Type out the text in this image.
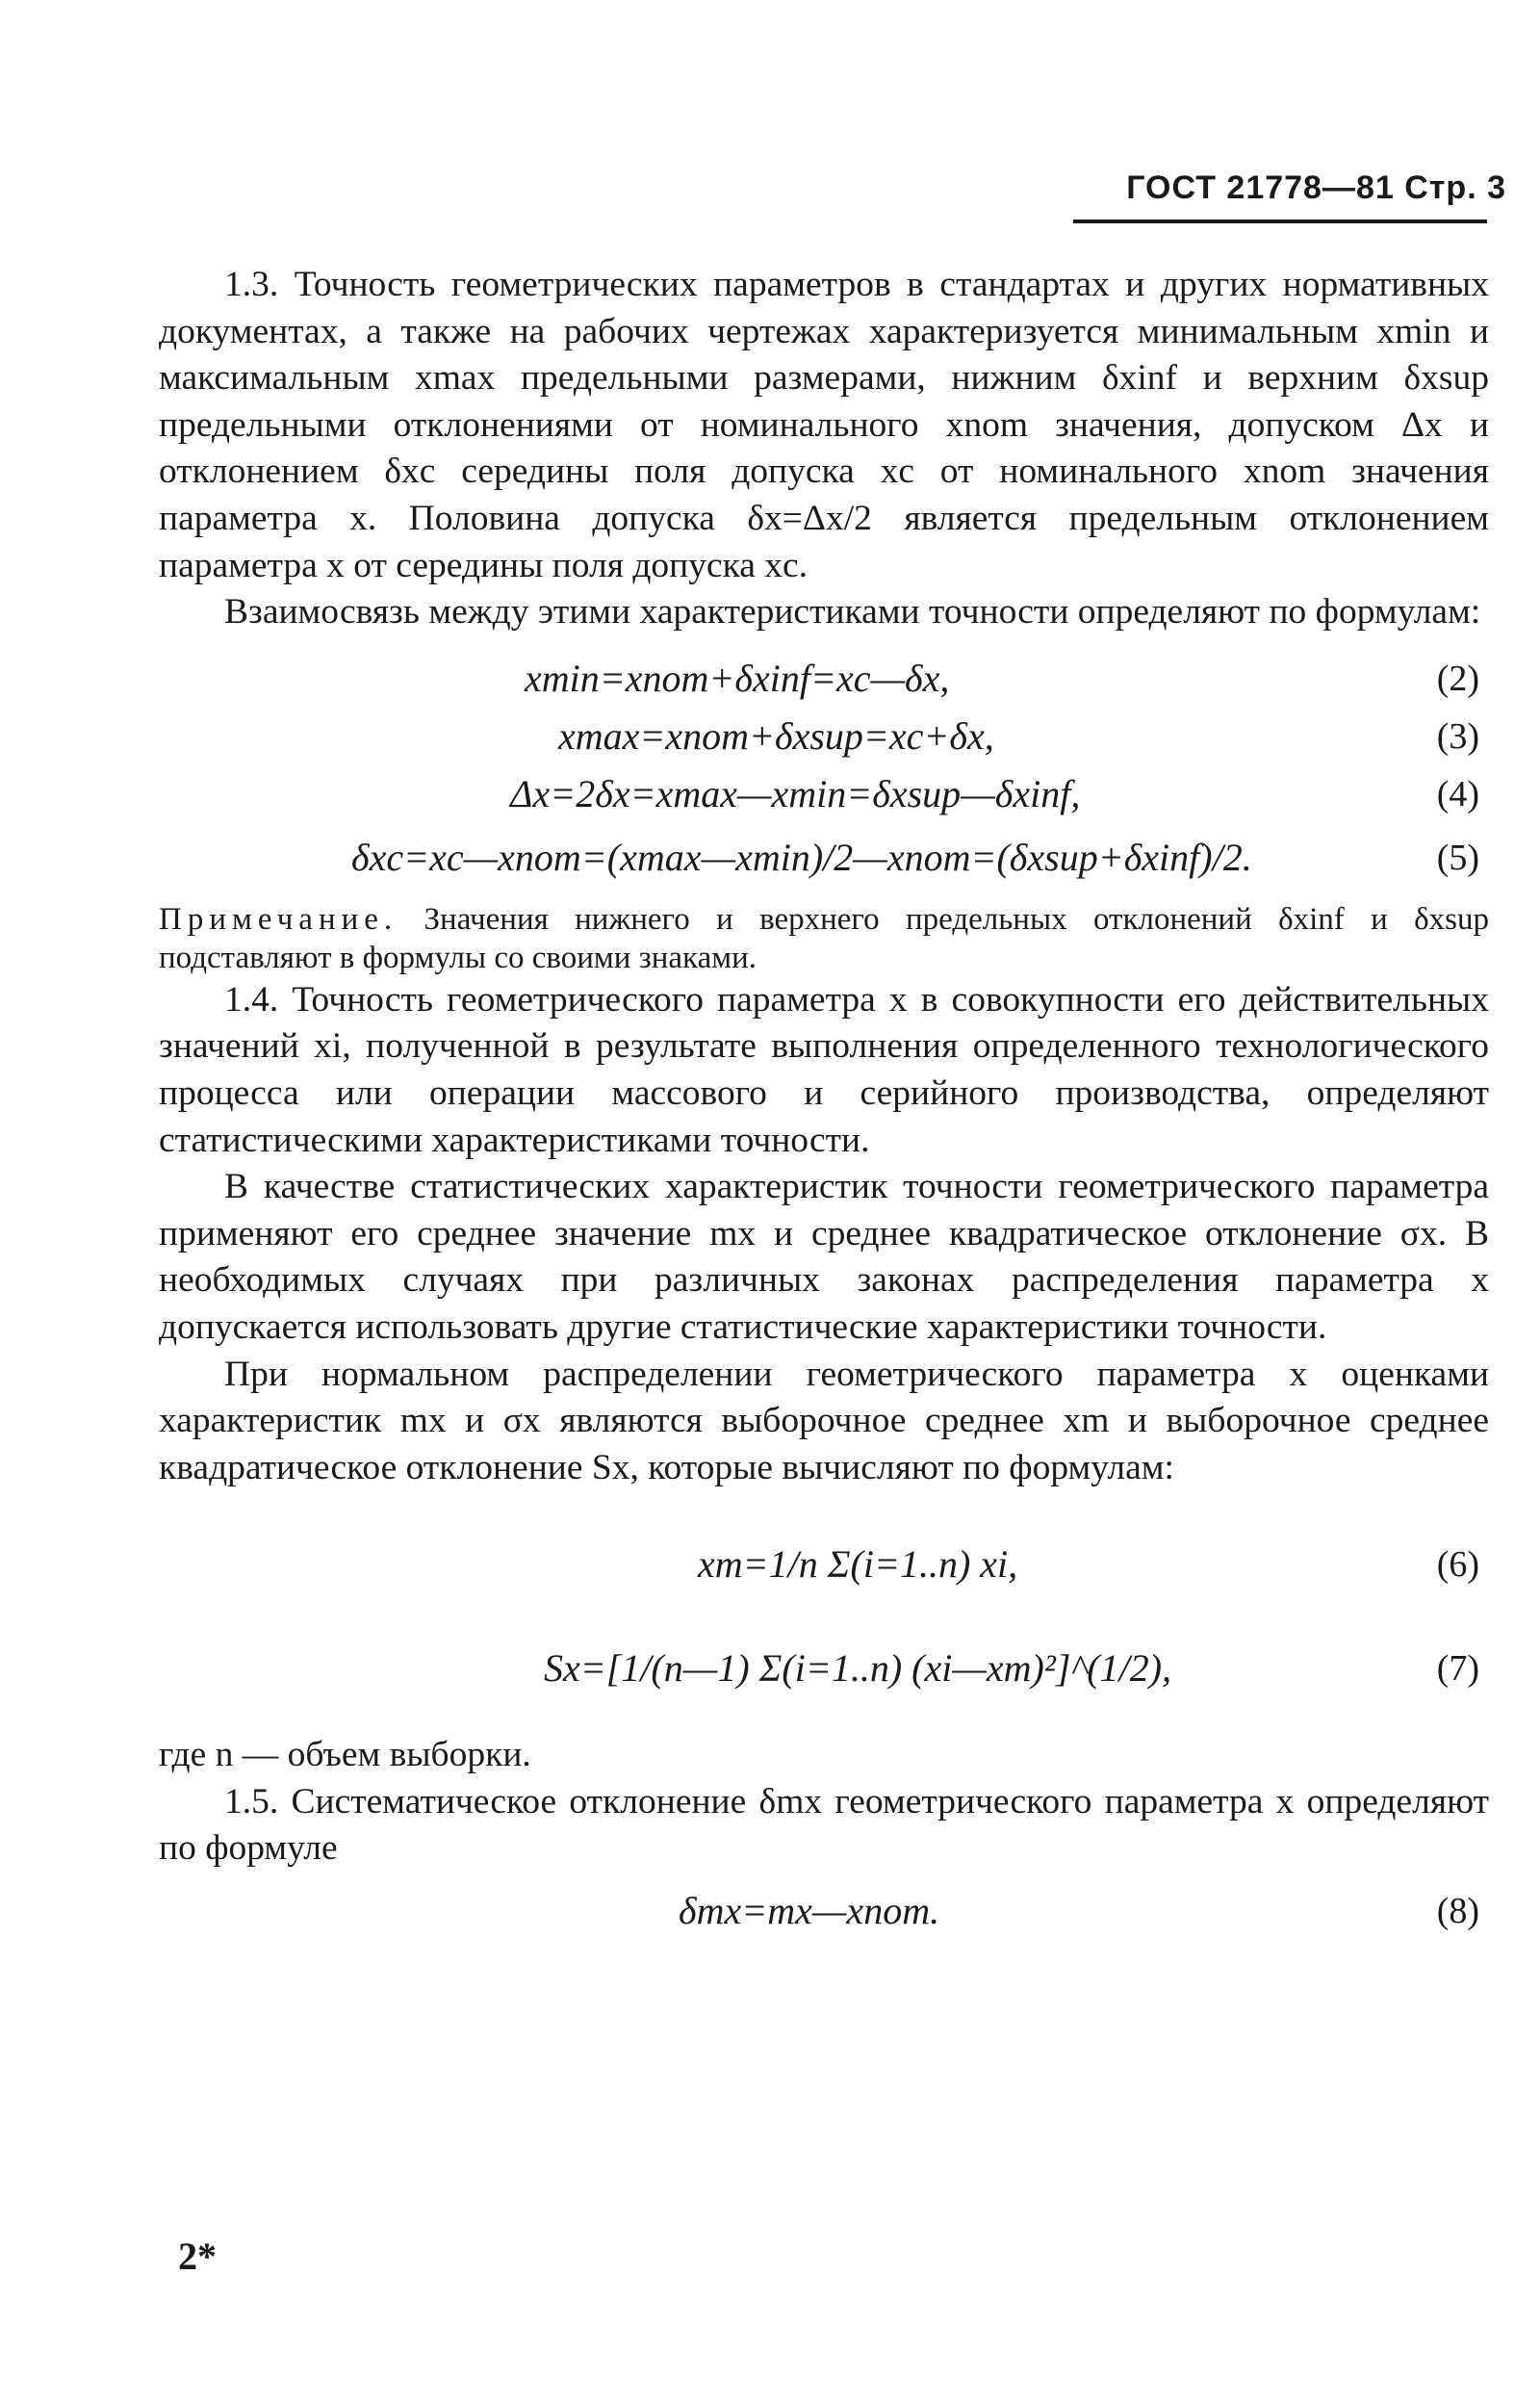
ГОСТ 21778—81 Стр. 3

1.3. Точность геометрических параметров в стандартах и других нормативных документах, а также на рабочих чертежах характеризуется минимальным xmin и максимальным xmax предельными размерами, нижним δxinf и верхним δxsup предельными отклонениями от номинального xnom значения, допуском Δx и отклонением δxc середины поля допуска xc от номинального xnom значения параметра x. Половина допуска δx=Δx/2 является предельным отклонением параметра x от середины поля допуска xc.

Взаимосвязь между этими характеристиками точности определяют по формулам:

xmin=xnom+δxinf=xc—δx,	(2)
xmax=xnom+δxsup=xc+δx,	(3)
Δx=2δx=xmax—xmin=δxsup—δxinf,	(4)
δxc=xc—xnom=(xmax—xmin)/2—xnom=(δxsup+δxinf)/2.	(5)

Примечание. Значения нижнего и верхнего предельных отклонений δxinf и δxsup подставляют в формулы со своими знаками.

1.4. Точность геометрического параметра x в совокупности его действительных значений xi, полученной в результате выполнения определенного технологического процесса или операции массового и серийного производства, определяют статистическими характеристиками точности.

В качестве статистических характеристик точности геометрического параметра применяют его среднее значение mx и среднее квадратическое отклонение σx. В необходимых случаях при различных законах распределения параметра x допускается использовать другие статистические характеристики точности.

При нормальном распределении геометрического параметра x оценками характеристик mx и σx являются выборочное среднее xm и выборочное среднее квадратическое отклонение Sx, которые вычисляют по формулам:

xm=1/n Σ(i=1..n) xi,	(6)
Sx=[1/(n—1) Σ(i=1..n) (xi—xm)²]^(1/2),	(7)

где n — объем выборки.

1.5. Систематическое отклонение δmx геометрического параметра x определяют по формуле

δmx=mx—xnom.	(8)
2*
